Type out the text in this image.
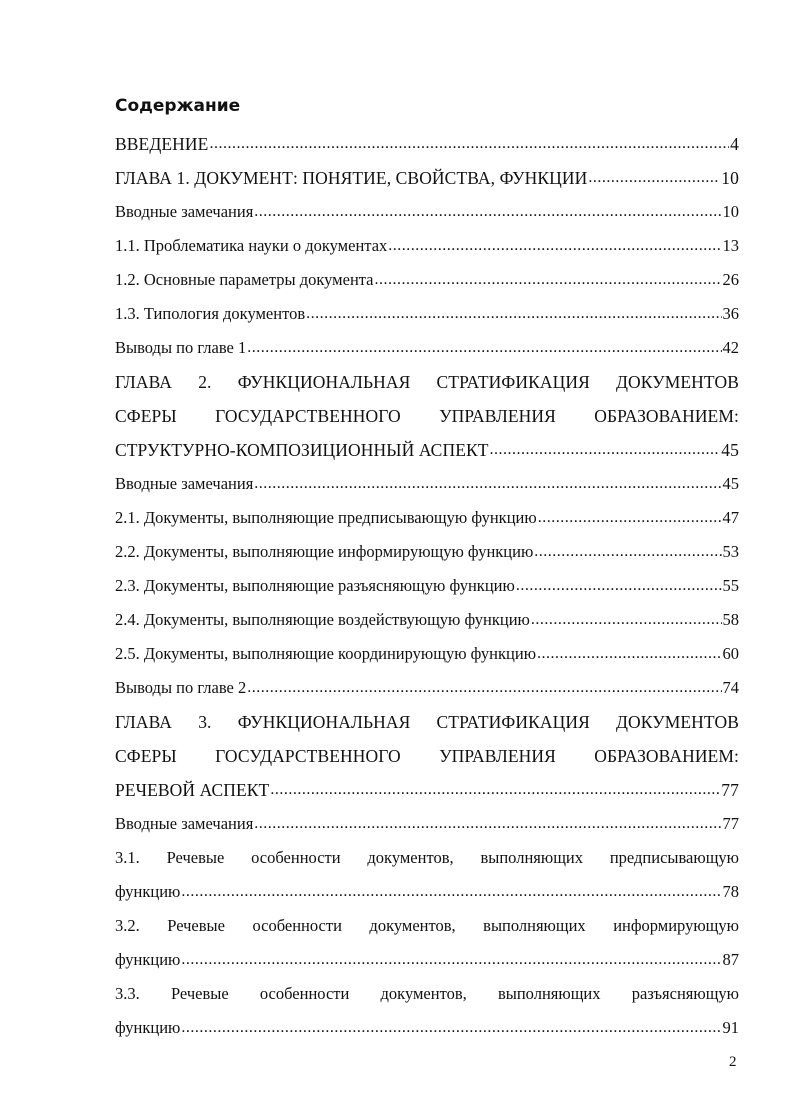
Содержание
ВВЕДЕНИЕ .....	4
ГЛАВА 1. ДОКУМЕНТ: ПОНЯТИЕ, СВОЙСТВА, ФУНКЦИИ .....	10
Вводные замечания .....	10
1.1. Проблематика науки о документах .....	13
1.2. Основные параметры документа .....	26
1.3. Типология документов .....	36
Выводы по главе 1 .....	42
ГЛАВА 2. ФУНКЦИОНАЛЬНАЯ СТРАТИФИКАЦИЯ ДОКУМЕНТОВ
СФЕРЫ ГОСУДАРСТВЕННОГО УПРАВЛЕНИЯ ОБРАЗОВАНИЕМ:
СТРУКТУРНО-КОМПОЗИЦИОННЫЙ АСПЕКТ .....	45
Вводные замечания .....	45
2.1. Документы, выполняющие предписывающую функцию .....	47
2.2. Документы, выполняющие информирующую функцию .....	53
2.3. Документы, выполняющие разъясняющую функцию .....	55
2.4. Документы, выполняющие воздействующую функцию .....	58
2.5. Документы, выполняющие координирующую функцию .....	60
Выводы по главе 2 .....	74
ГЛАВА 3. ФУНКЦИОНАЛЬНАЯ СТРАТИФИКАЦИЯ ДОКУМЕНТОВ
СФЕРЫ ГОСУДАРСТВЕННОГО УПРАВЛЕНИЯ ОБРАЗОВАНИЕМ:
РЕЧЕВОЙ АСПЕКТ .....	77
Вводные замечания .....	77
3.1. Речевые особенности документов, выполняющих предписывающую
функцию .....	78
3.2. Речевые особенности документов, выполняющих информирующую
функцию .....	87
3.3. Речевые особенности документов, выполняющих разъясняющую
функцию .....	91
2
